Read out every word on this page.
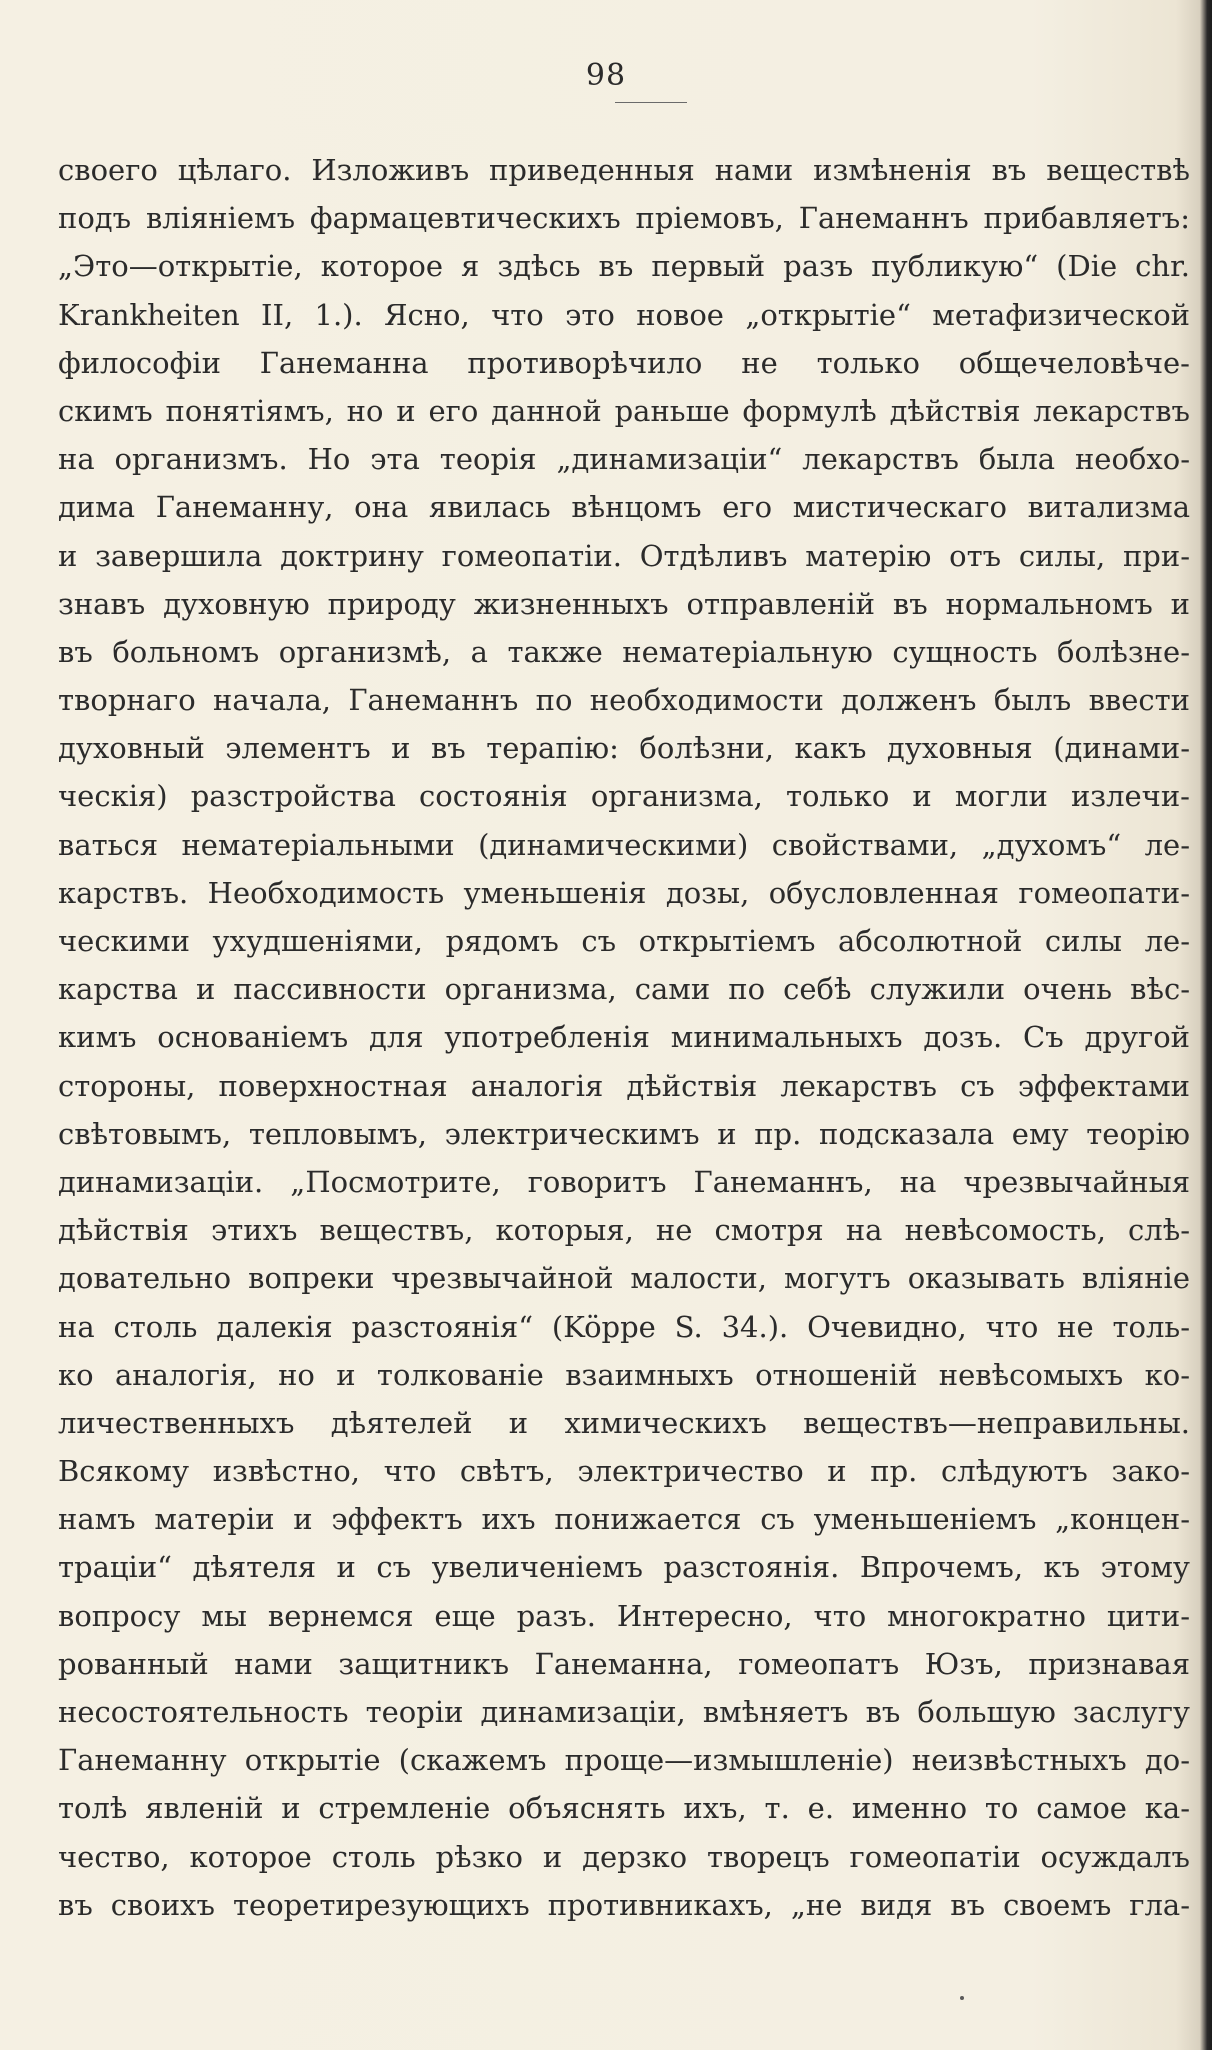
98
своего цѣлаго. Изложивъ приведенныя нами измѣненія въ веществѣ
подъ вліяніемъ фармацевтическихъ пріемовъ, Ганеманнъ прибавляетъ:
„Это—открытіе, которое я здѣсь въ первый разъ публикую“ (Die chr.
Krankheiten II, 1.). Ясно, что это новое „открытіе“ метафизической
философіи Ганеманна противорѣчило не только общечеловѣче-
скимъ понятіямъ, но и его данной раньше формулѣ дѣйствія лекарствъ
на организмъ. Но эта теорія „динамизаціи“ лекарствъ была необхо-
дима Ганеманну, она явилась вѣнцомъ его мистическаго витализма
и завершила доктрину гомеопатіи. Отдѣливъ матерію отъ силы, при-
знавъ духовную природу жизненныхъ отправленій въ нормальномъ и
въ больномъ организмѣ, а также нематеріальную сущность болѣзне-
творнаго начала, Ганеманнъ по необходимости долженъ былъ ввести
духовный элементъ и въ терапію: болѣзни, какъ духовныя (динами-
ческія) разстройства состоянія организма, только и могли излечи-
ваться нематеріальными (динамическими) свойствами, „духомъ“ ле-
карствъ. Необходимость уменьшенія дозы, обусловленная гомеопати-
ческими ухудшеніями, рядомъ съ открытіемъ абсолютной силы ле-
карства и пассивности организма, сами по себѣ служили очень вѣс-
кимъ основаніемъ для употребленія минимальныхъ дозъ. Съ другой
стороны, поверхностная аналогія дѣйствія лекарствъ съ эффектами
свѣтовымъ, тепловымъ, электрическимъ и пр. подсказала ему теорію
динамизаціи. „Посмотрите, говоритъ Ганеманнъ, на чрезвычайныя
дѣйствія этихъ веществъ, которыя, не смотря на невѣсомость, слѣ-
довательно вопреки чрезвычайной малости, могутъ оказывать вліяніе
на столь далекія разстоянія“ (Köрре S. 34.). Очевидно, что не толь-
ко аналогія, но и толкованіе взаимныхъ отношеній невѣсомыхъ ко-
личественныхъ дѣятелей и химическихъ веществъ—неправильны.
Всякому извѣстно, что свѣтъ, электричество и пр. слѣдуютъ зако-
намъ матеріи и эффектъ ихъ понижается съ уменьшеніемъ „концен-
траціи“ дѣятеля и съ увеличеніемъ разстоянія. Впрочемъ, къ этому
вопросу мы вернемся еще разъ. Интересно, что многократно цити-
рованный нами защитникъ Ганеманна, гомеопатъ Юзъ, признавая
несостоятельность теоріи динамизаціи, вмѣняетъ въ большую заслугу
Ганеманну открытіе (скажемъ проще—измышленіе) неизвѣстныхъ до-
толѣ явленій и стремленіе объяснять ихъ, т. е. именно то самое ка-
чество, которое столь рѣзко и дерзко творецъ гомеопатіи осуждалъ
въ своихъ теоретирезующихъ противникахъ, „не видя въ своемъ гла-
